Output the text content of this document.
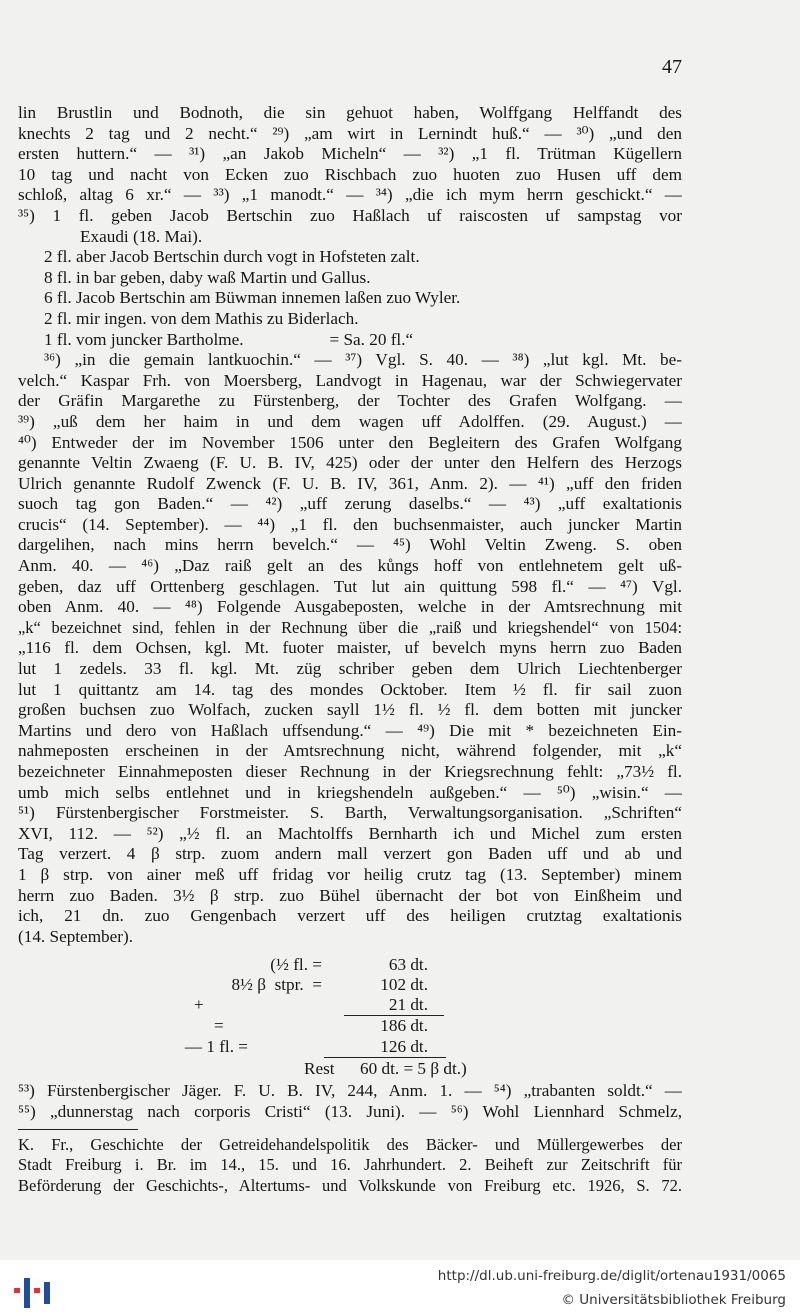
47
lin Brustlin und Bodnoth, die sin gehuot haben, Wolffgang Helffandt des
knechts 2 tag und 2 necht.“ ²⁹) „am wirt in Lernindt huß.“ — ³⁰) „und den
ersten huttern.“ — ³¹) „an Jakob Micheln“ — ³²) „1 fl. Trütman Kügellern
10 tag und nacht von Ecken zuo Rischbach zuo huoten zuo Husen uff dem
schloß, altag 6 xr.“ — ³³) „1 manodt.“ — ³⁴) „die ich mym herrn geschickt.“ —
³⁵) 1 fl. geben Jacob Bertschin zuo Haßlach uf raiscosten uf sampstag vor
Exaudi (18. Mai).
2 fl. aber Jacob Bertschin durch vogt in Hofsteten zalt.
8 fl. in bar geben, daby waß Martin und Gallus.
6 fl. Jacob Bertschin am Büwman innemen laßen zuo Wyler.
2 fl. mir ingen. von dem Mathis zu Biderlach.
1 fl. vom juncker Bartholme.                    = Sa. 20 fl.“
³⁶) „in die gemain lantkuochin.“ — ³⁷) Vgl. S. 40. — ³⁸) „lut kgl. Mt. be-
velch.“ Kaspar Frh. von Moersberg, Landvogt in Hagenau, war der Schwiegervater
der Gräfin Margarethe zu Fürstenberg, der Tochter des Grafen Wolfgang. —
³⁹) „uß dem her haim in und dem wagen uff Adolffen. (29. August.) —
⁴⁰) Entweder der im November 1506 unter den Begleitern des Grafen Wolfgang
genannte Veltin Zwaeng (F. U. B. IV, 425) oder der unter den Helfern des Herzogs
Ulrich genannte Rudolf Zwenck (F. U. B. IV, 361, Anm. 2). — ⁴¹) „uff den friden
suoch tag gon Baden.“ — ⁴²) „uff zerung daselbs.“ — ⁴³) „uff exaltationis
crucis“ (14. September). — ⁴⁴) „1 fl. den buchsenmaister, auch juncker Martin
dargelihen, nach mins herrn bevelch.“ — ⁴⁵) Wohl Veltin Zweng. S. oben
Anm. 40. — ⁴⁶) „Daz raiß gelt an des kůngs hoff von entlehnetem gelt uß-
geben, daz uff Orttenberg geschlagen. Tut lut ain quittung 598 fl.“ — ⁴⁷) Vgl.
oben Anm. 40. — ⁴⁸) Folgende Ausgabeposten, welche in der Amtsrechnung mit
„k“ bezeichnet sind, fehlen in der Rechnung über die „raiß und kriegshendel“ von 1504:
„116 fl. dem Ochsen, kgl. Mt. fuoter maister, uf bevelch myns herrn zuo Baden
lut 1 zedels. 33 fl. kgl. Mt. züg schriber geben dem Ulrich Liechtenberger
lut 1 quittantz am 14. tag des mondes Ocktober. Item ½ fl. fir sail zuon
großen buchsen zuo Wolfach, zucken sayll 1½ fl. ½ fl. dem botten mit juncker
Martins und dero von Haßlach uffsendung.“ — ⁴⁹) Die mit * bezeichneten Ein-
nahmeposten erscheinen in der Amtsrechnung nicht, während folgender, mit „k“
bezeichneter Einnahmeposten dieser Rechnung in der Kriegsrechnung fehlt: „73½ fl.
umb mich selbs entlehnet und in kriegshendeln außgeben.“ — ⁵⁰) „wisin.“ —
⁵¹) Fürstenbergischer Forstmeister. S. Barth, Verwaltungsorganisation. „Schriften“
XVI, 112. — ⁵²) „½ fl. an Machtolffs Bernharth ich und Michel zum ersten
Tag verzert. 4 β strp. zuom andern mall verzert gon Baden uff und ab und
1 β strp. von ainer meß uff fridag vor heilig crutz tag (13. September) minem
herrn zuo Baden. 3½ β strp. zuo Bühel übernacht der bot von Einßheim und
ich, 21 dn. zuo Gengenbach verzert uff des heiligen crutztag exaltationis
(14. September).
(½ fl. =	63 dt.
8½ β  stpr.  =	102 dt.
+	21 dt.
=	186 dt.
— 1 fl. =	126 dt.
Rest 60 dt. = 5 β dt.)
⁵³) Fürstenbergischer Jäger. F. U. B. IV, 244, Anm. 1. — ⁵⁴) „trabanten soldt.“ —
⁵⁵) „dunnerstag nach corporis Cristi“ (13. Juni). — ⁵⁶) Wohl Liennhard Schmelz,
K. Fr., Geschichte der Getreidehandelspolitik des Bäcker- und Müllergewerbes der
Stadt Freiburg i. Br. im 14., 15. und 16. Jahrhundert. 2. Beiheft zur Zeitschrift für
Beförderung der Geschichts-, Altertums- und Volkskunde von Freiburg etc. 1926, S. 72.
http://dl.ub.uni-freiburg.de/diglit/ortenau1931/0065
© Universitätsbibliothek Freiburg
